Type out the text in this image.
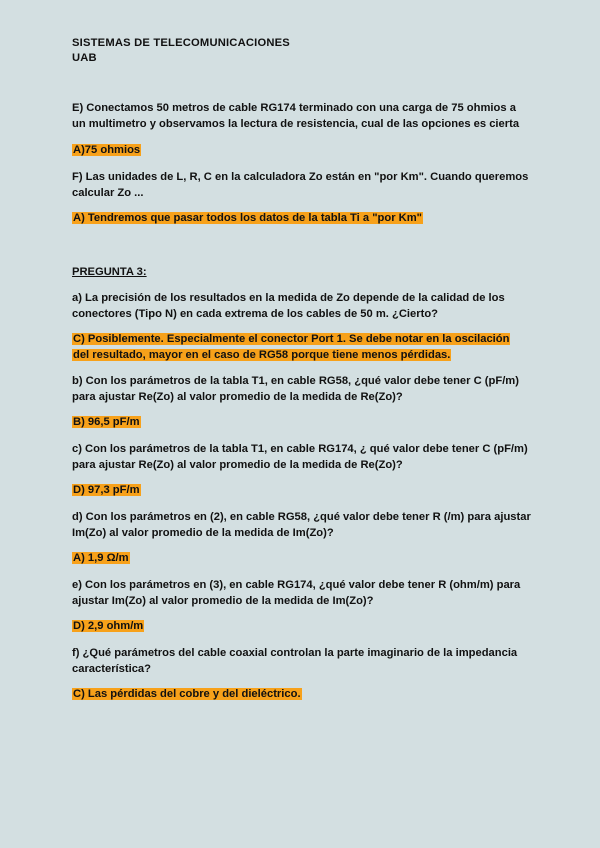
SISTEMAS DE TELECOMUNICACIONES
UAB
E) Conectamos 50 metros de cable RG174 terminado con una carga de 75 ohmios a un multimetro y observamos la lectura de resistencia, cual de las opciones es cierta
A)75 ohmios
F) Las unidades de L, R, C en la calculadora Zo están en "por Km". Cuando queremos calcular Zo ...
A) Tendremos que pasar todos los datos de la tabla Ti a "por Km"
PREGUNTA 3:
a) La precisión de los resultados en la medida de Zo depende de la calidad de los conectores (Tipo N) en cada extrema de los cables de 50 m. ¿Cierto?
C) Posiblemente. Especialmente el conector Port 1. Se debe notar en la oscilación del resultado, mayor en el caso de RG58 porque tiene menos pérdidas.
b) Con los parámetros de la tabla T1, en cable RG58, ¿qué valor debe tener C (pF/m) para ajustar Re(Zo) al valor promedio de la medida de Re(Zo)?
B) 96,5 pF/m
c) Con los parámetros de la tabla T1, en cable RG174, ¿ qué valor debe tener C (pF/m) para ajustar Re(Zo) al valor promedio de la medida de Re(Zo)?
D) 97,3 pF/m
d) Con los parámetros en (2), en cable RG58, ¿qué valor debe tener R (/m) para ajustar Im(Zo) al valor promedio de la medida de Im(Zo)?
A) 1,9 Ω/m
e) Con los parámetros en (3), en cable RG174, ¿qué valor debe tener R (ohm/m) para ajustar Im(Zo) al valor promedio de la medida de Im(Zo)?
D) 2,9 ohm/m
f) ¿Qué parámetros del cable coaxial controlan la parte imaginario de la impedancia característica?
C) Las pérdidas del cobre y del dieléctrico.
